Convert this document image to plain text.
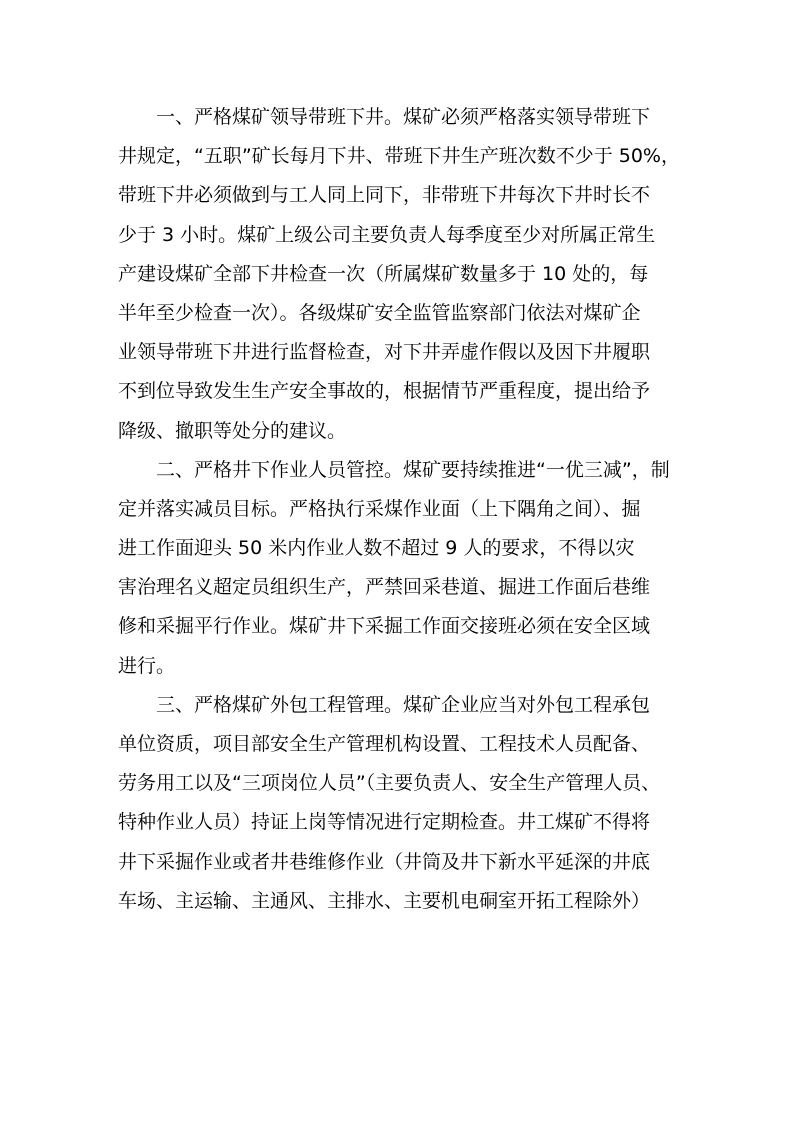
　　一、严格煤矿领导带班下井。煤矿必须严格落实领导带班下
井规定，“五职”矿长每月下井、带班下井生产班次数不少于 50%，
带班下井必须做到与工人同上同下，非带班下井每次下井时长不
少于 3 小时。煤矿上级公司主要负责人每季度至少对所属正常生
产建设煤矿全部下井检查一次（所属煤矿数量多于 10 处的，每
半年至少检查一次）。各级煤矿安全监管监察部门依法对煤矿企
业领导带班下井进行监督检查，对下井弄虚作假以及因下井履职
不到位导致发生生产安全事故的，根据情节严重程度，提出给予
降级、撤职等处分的建议。
　　二、严格井下作业人员管控。煤矿要持续推进“一优三减”，制
定并落实减员目标。严格执行采煤作业面（上下隅角之间）、掘
进工作面迎头 50 米内作业人数不超过 9 人的要求，不得以灾
害治理名义超定员组织生产，严禁回采巷道、掘进工作面后巷维
修和采掘平行作业。煤矿井下采掘工作面交接班必须在安全区域
进行。
　　三、严格煤矿外包工程管理。煤矿企业应当对外包工程承包
单位资质，项目部安全生产管理机构设置、工程技术人员配备、
劳务用工以及“三项岗位人员”（主要负责人、安全生产管理人员、
特种作业人员）持证上岗等情况进行定期检查。井工煤矿不得将
井下采掘作业或者井巷维修作业（井筒及井下新水平延深的井底
车场、主运输、主通风、主排水、主要机电硐室开拓工程除外）
